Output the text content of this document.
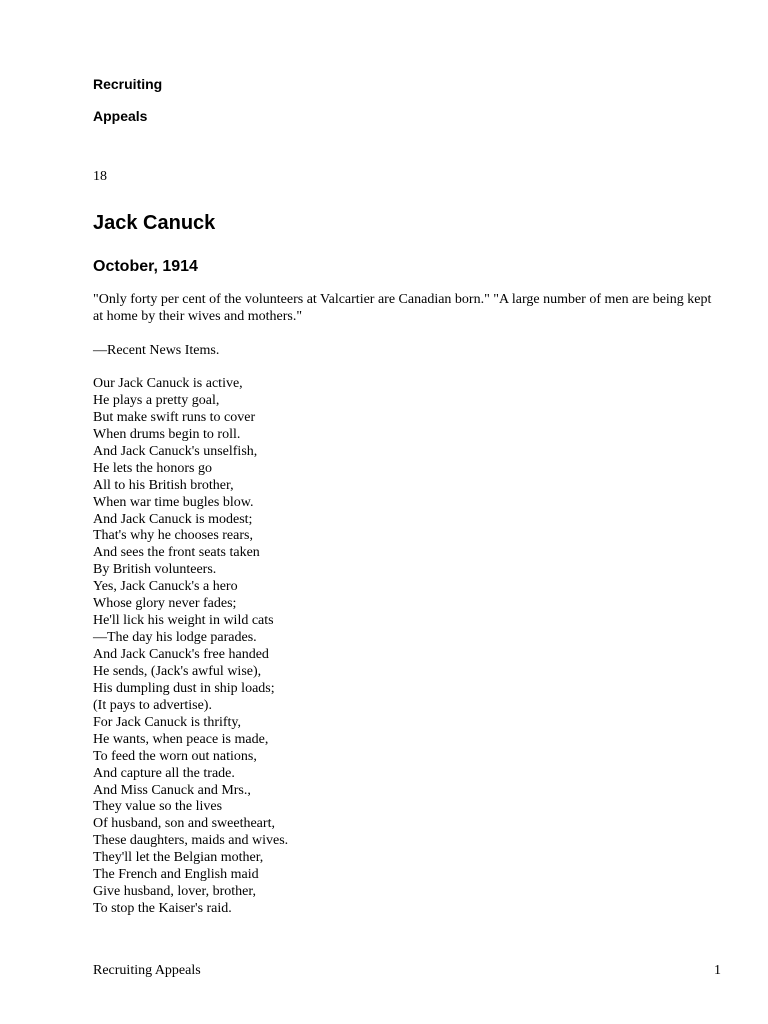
Recruiting
Appeals
18
Jack Canuck
October, 1914

"Only forty per cent of the volunteers at Valcartier are Canadian born." "A large number of men are being kept at home by their wives and mothers."

—Recent News Items.

Our Jack Canuck is active,
He plays a pretty goal,
But make swift runs to cover
When drums begin to roll.
And Jack Canuck's unselfish,
He lets the honors go
All to his British brother,
When war time bugles blow.
And Jack Canuck is modest;
That's why he chooses rears,
And sees the front seats taken
By British volunteers.
Yes, Jack Canuck's a hero
Whose glory never fades;
He'll lick his weight in wild cats
—The day his lodge parades.
And Jack Canuck's free handed
He sends, (Jack's awful wise),
His dumpling dust in ship loads;
(It pays to advertise).
For Jack Canuck is thrifty,
He wants, when peace is made,
To feed the worn out nations,
And capture all the trade.
And Miss Canuck and Mrs.,
They value so the lives
Of husband, son and sweetheart,
These daughters, maids and wives.
They'll let the Belgian mother,
The French and English maid
Give husband, lover, brother,
To stop the Kaiser's raid.
Recruiting Appeals	1
